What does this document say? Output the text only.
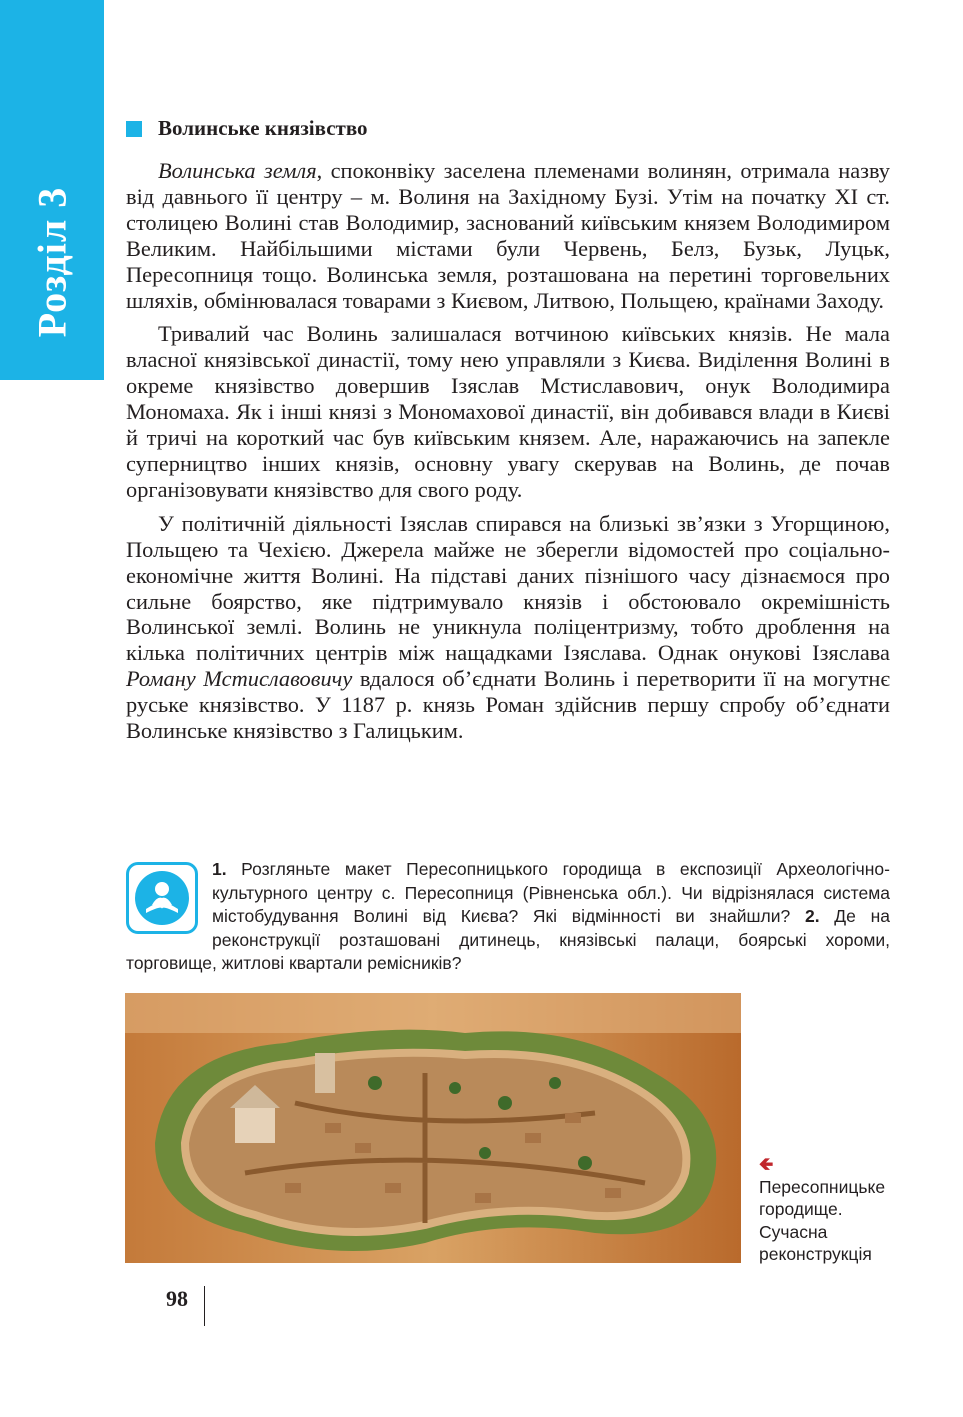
Розділ 3
Волинське князівство

Волинська земля, споконвіку заселена племенами волинян, отримала назву від давнього її центру – м. Волиня на Західному Бузі. Утім на початку XI ст. столицею Волині став Володимир, заснований київським князем Володимиром Великим. Найбільшими містами були Червень, Белз, Бузьк, Луцьк, Пересопниця тощо. Волинська земля, розташована на перетині торговельних шляхів, обмінювалася товарами з Києвом, Литвою, Польщею, країнами Заходу.

Тривалий час Волинь залишалася вотчиною київських князів. Не мала власної князівської династії, тому нею управляли з Києва. Виділення Волині в окреме князівство довершив Ізяслав Мстиславович, онук Володимира Мономаха. Як і інші князі з Мономахової династії, він добивався влади в Києві й тричі на короткий час був київським князем. Але, наражаючись на запекле суперництво інших князів, основну увагу скерував на Волинь, де почав організовувати князівство для свого роду.

У політичній діяльності Ізяслав спирався на близькі зв’язки з Угорщиною, Польщею та Чехією. Джерела майже не зберегли відомостей про соціально-економічне життя Волині. На підставі даних пізнішого часу дізнаємося про сильне боярство, яке підтримувало князів і обстоювало окремішність Волинської землі. Волинь не уникнула поліцентризму, тобто дроблення на кілька політичних центрів між нащадками Ізяслава. Однак онукові Ізяслава Роману Мстиславовичу вдалося об’єднати Волинь і перетворити її на могутнє руське князівство. У 1187 р. князь Роман здійснив першу спробу об’єднати Волинське князівство з Галицьким.

1. Розгляньте макет Пересопницького городища в експозиції Археологічно-культурного центру с. Пересопниця (Рівненська обл.). Чи відрізнялася система містобудування Волині від Києва? Які відмінності ви знайшли? 2. Де на реконструкції розташовані дитинець, князівські палаци, боярські хороми, торговище, житлові квартали ремісників?
🡸 Пересопницьке городище. Сучасна реконструкція
98
